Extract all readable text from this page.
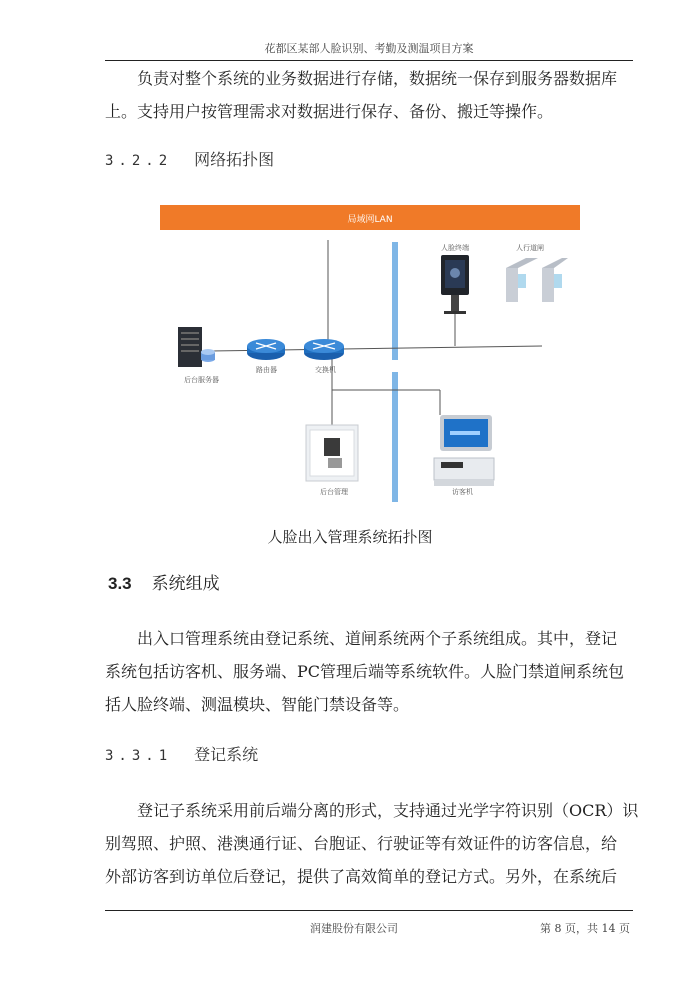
花都区某部人脸识别、考勤及测温项目方案
负责对整个系统的业务数据进行存储，数据统一保存到服务器数据库
上。支持用户按管理需求对数据进行保存、备份、搬迁等操作。
3.2.2 网络拓扑图
局域网LAN
后台服务器
路由器	交换机
人脸终端	人行道闸
后台管理	访客机
人脸出入管理系统拓扑图
3.3 系统组成
出入口管理系统由登记系统、道闸系统两个子系统组成。其中，登记
系统包括访客机、服务端、PC管理后端等系统软件。人脸门禁道闸系统包
括人脸终端、测温模块、智能门禁设备等。
3.3.1 登记系统
登记子系统采用前后端分离的形式，支持通过光学字符识别（OCR）识
别驾照、护照、港澳通行证、台胞证、行驶证等有效证件的访客信息，给
外部访客到访单位后登记，提供了高效简单的登记方式。另外，在系统后
润建股份有限公司	第 8 页，共 14 页
